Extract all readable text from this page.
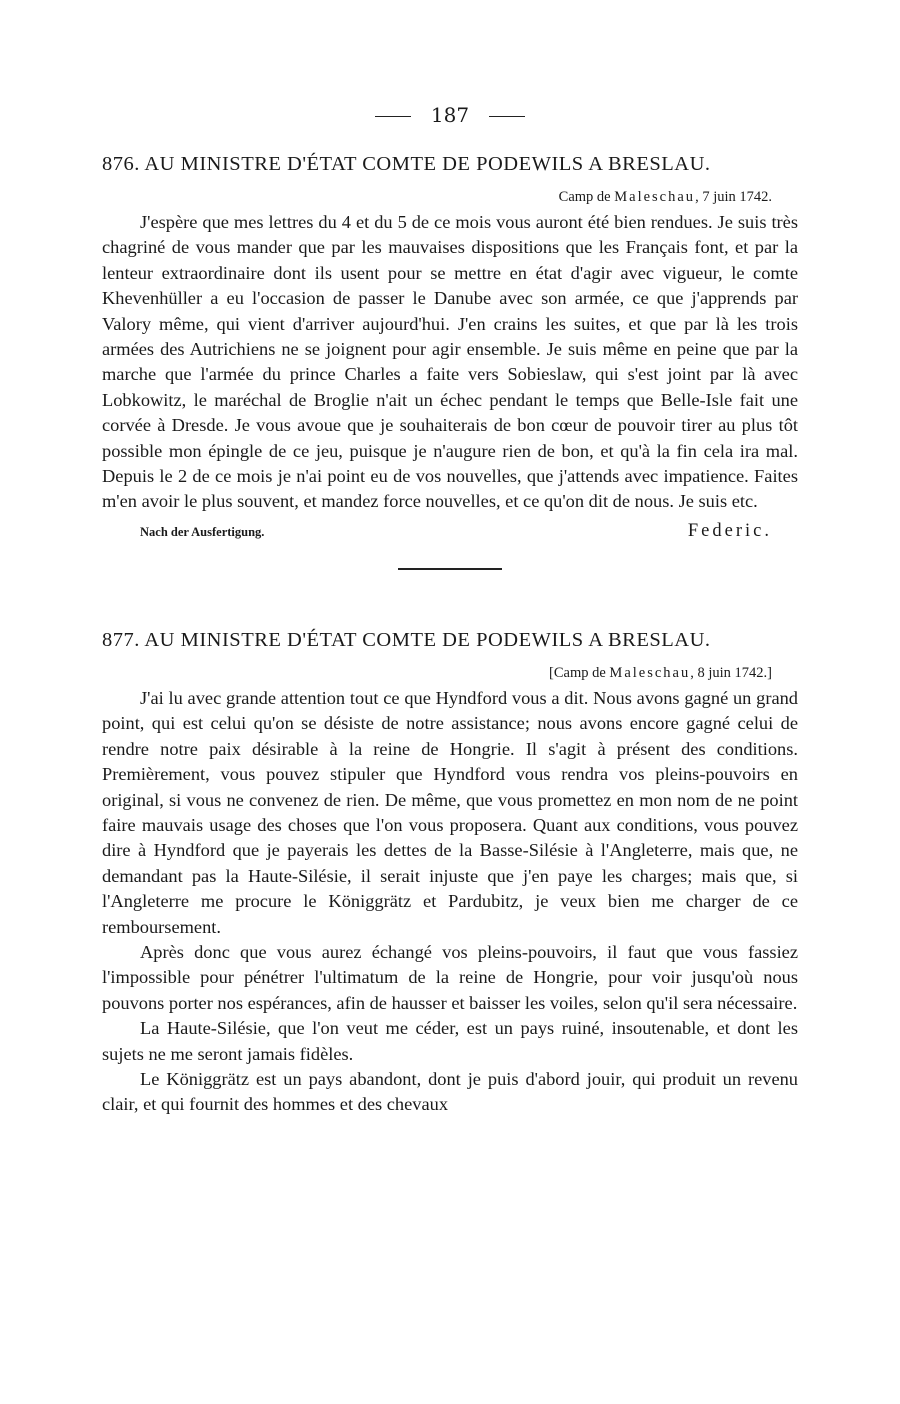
187
876. AU MINISTRE D'ÉTAT COMTE DE PODEWILS A BRESLAU.
Camp de Maleschau, 7 juin 1742.

J'espère que mes lettres du 4 et du 5 de ce mois vous auront été bien rendues. Je suis très chagriné de vous mander que par les mauvaises dispositions que les Français font, et par la lenteur extraordinaire dont ils usent pour se mettre en état d'agir avec vigueur, le comte Khevenhüller a eu l'occasion de passer le Danube avec son armée, ce que j'apprends par Valory même, qui vient d'arriver aujourd'hui. J'en crains les suites, et que par là les trois armées des Autrichiens ne se joignent pour agir ensemble. Je suis même en peine que par la marche que l'armée du prince Charles a faite vers Sobieslaw, qui s'est joint par là avec Lobkowitz, le maréchal de Broglie n'ait un échec pendant le temps que Belle-Isle fait une corvée à Dresde. Je vous avoue que je souhaiterais de bon cœur de pouvoir tirer au plus tôt possible mon épingle de ce jeu, puisque je n'augure rien de bon, et qu'à la fin cela ira mal. Depuis le 2 de ce mois je n'ai point eu de vos nouvelles, que j'attends avec impatience. Faites m'en avoir le plus souvent, et mandez force nouvelles, et ce qu'on dit de nous. Je suis etc.

Nach der Ausfertigung.	Federic.
877. AU MINISTRE D'ÉTAT COMTE DE PODEWILS A BRESLAU.
[Camp de Maleschau, 8 juin 1742.]

J'ai lu avec grande attention tout ce que Hyndford vous a dit. Nous avons gagné un grand point, qui est celui qu'on se désiste de notre assistance; nous avons encore gagné celui de rendre notre paix désirable à la reine de Hongrie. Il s'agit à présent des conditions. Premièrement, vous pouvez stipuler que Hyndford vous rendra vos pleins-pouvoirs en original, si vous ne convenez de rien. De même, que vous promettez en mon nom de ne point faire mauvais usage des choses que l'on vous proposera. Quant aux conditions, vous pouvez dire à Hyndford que je payerais les dettes de la Basse-Silésie à l'Angleterre, mais que, ne demandant pas la Haute-Silésie, il serait injuste que j'en paye les charges; mais que, si l'Angleterre me procure le Königgrätz et Pardubitz, je veux bien me charger de ce remboursement.

Après donc que vous aurez échangé vos pleins-pouvoirs, il faut que vous fassiez l'impossible pour pénétrer l'ultimatum de la reine de Hongrie, pour voir jusqu'où nous pouvons porter nos espérances, afin de hausser et baisser les voiles, selon qu'il sera nécessaire.

La Haute-Silésie, que l'on veut me céder, est un pays ruiné, insoutenable, et dont les sujets ne me seront jamais fidèles.

Le Königgrätz est un pays abandont, dont je puis d'abord jouir, qui produit un revenu clair, et qui fournit des hommes et des chevaux
